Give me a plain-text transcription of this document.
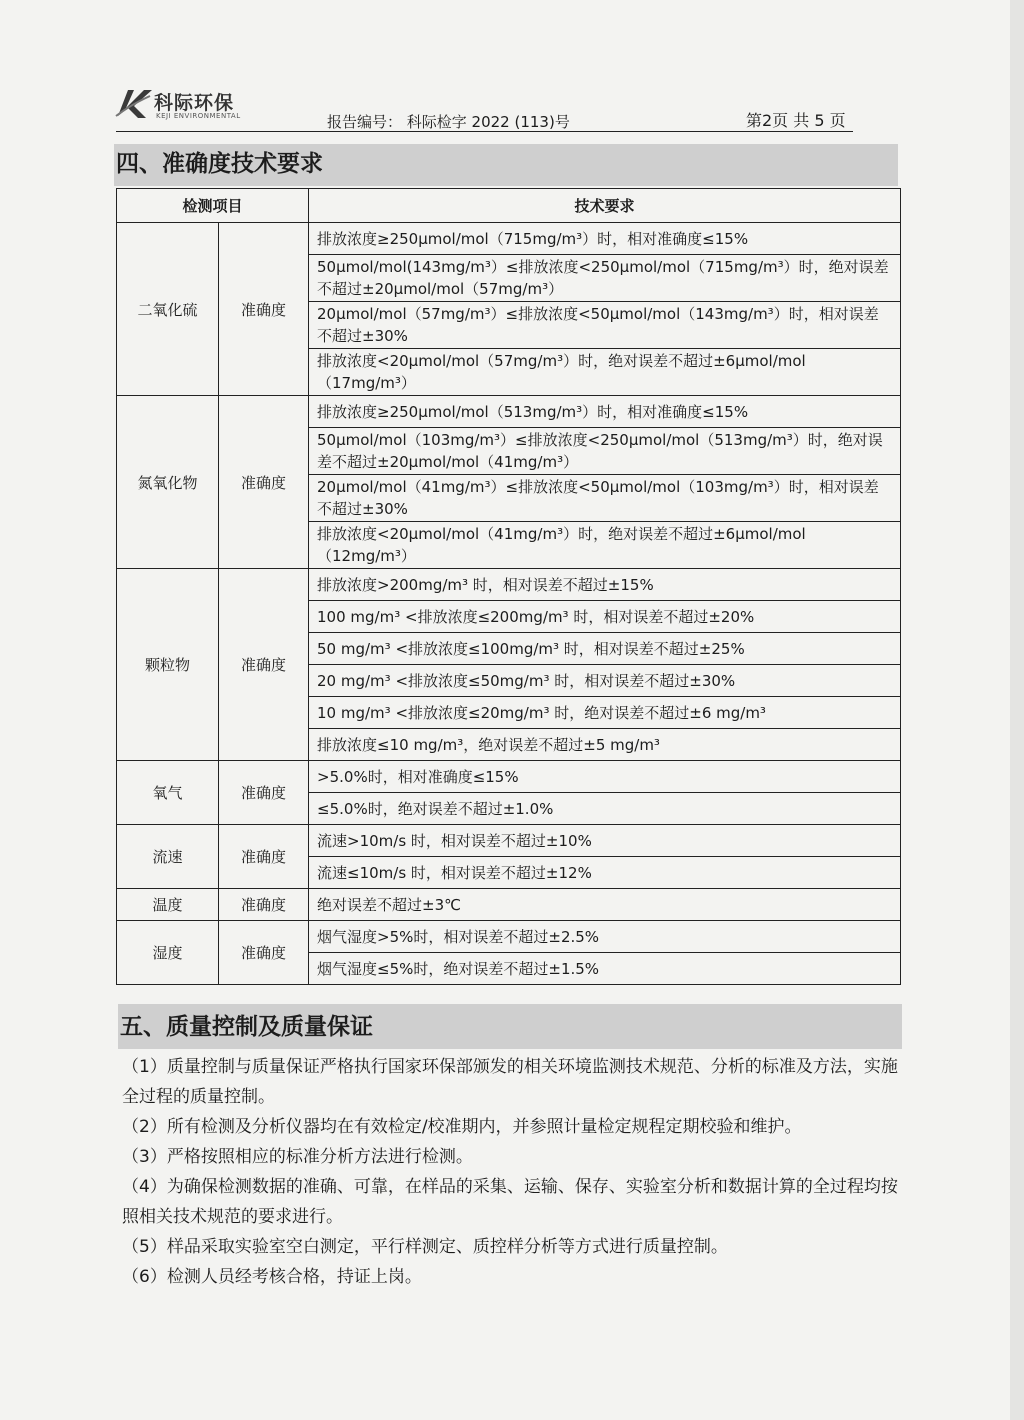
科际环保
KEJI ENVIRONMENTAL	报告编号： 科际检字 2022 (113)号	第2页 共 5 页
四、准确度技术要求
检测项目		技术要求
二氧化硫	准确度	排放浓度≥250μmol/mol（715mg/m³）时，相对准确度≤15%
		50μmol/mol(143mg/m³）≤排放浓度<250μmol/mol（715mg/m³）时，绝对误差不超过±20μmol/mol（57mg/m³）
		20μmol/mol（57mg/m³）≤排放浓度<50μmol/mol（143mg/m³）时，相对误差不超过±30%
		排放浓度<20μmol/mol（57mg/m³）时，绝对误差不超过±6μmol/mol（17mg/m³）
氮氧化物	准确度	排放浓度≥250μmol/mol（513mg/m³）时，相对准确度≤15%
		50μmol/mol（103mg/m³）≤排放浓度<250μmol/mol（513mg/m³）时，绝对误差不超过±20μmol/mol（41mg/m³）
		20μmol/mol（41mg/m³）≤排放浓度<50μmol/mol（103mg/m³）时，相对误差不超过±30%
		排放浓度<20μmol/mol（41mg/m³）时，绝对误差不超过±6μmol/mol（12mg/m³）
颗粒物	准确度	排放浓度>200mg/m³ 时，相对误差不超过±15%
		100 mg/m³ <排放浓度≤200mg/m³ 时，相对误差不超过±20%
		50 mg/m³ <排放浓度≤100mg/m³ 时，相对误差不超过±25%
		20 mg/m³ <排放浓度≤50mg/m³ 时，相对误差不超过±30%
		10 mg/m³ <排放浓度≤20mg/m³ 时，绝对误差不超过±6 mg/m³
		排放浓度≤10 mg/m³，绝对误差不超过±5 mg/m³
氧气	准确度	>5.0%时，相对准确度≤15%
		≤5.0%时，绝对误差不超过±1.0%
流速	准确度	流速>10m/s 时，相对误差不超过±10%
		流速≤10m/s 时，相对误差不超过±12%
温度	准确度	绝对误差不超过±3℃
湿度	准确度	烟气湿度>5%时，相对误差不超过±2.5%
		烟气湿度≤5%时，绝对误差不超过±1.5%
五、质量控制及质量保证

（1）质量控制与质量保证严格执行国家环保部颁发的相关环境监测技术规范、分析的标准及方法，实施全过程的质量控制。

（2）所有检测及分析仪器均在有效检定/校准期内，并参照计量检定规程定期校验和维护。

（3）严格按照相应的标准分析方法进行检测。

（4）为确保检测数据的准确、可靠，在样品的采集、运输、保存、实验室分析和数据计算的全过程均按照相关技术规范的要求进行。

（5）样品采取实验室空白测定，平行样测定、质控样分析等方式进行质量控制。

（6）检测人员经考核合格，持证上岗。
